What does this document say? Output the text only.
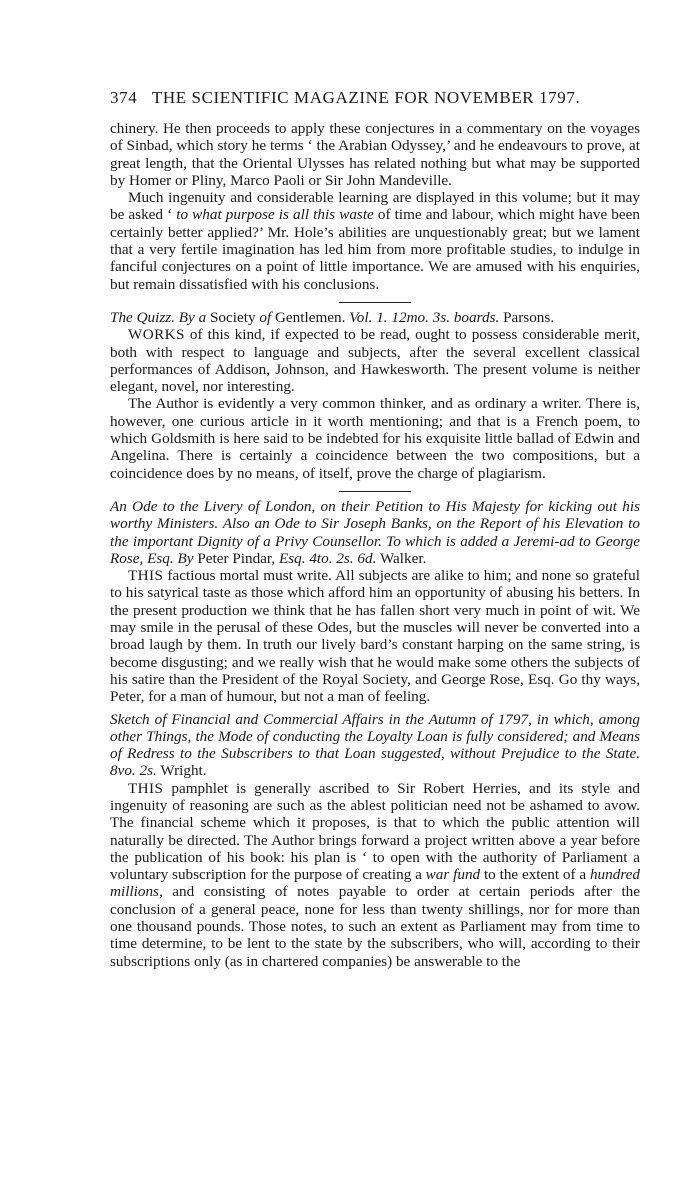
374 THE SCIENTIFIC MAGAZINE FOR NOVEMBER 1797.

chinery. He then proceeds to apply these conjectures in a commentary on the voyages of Sinbad, which story he terms ‘ the Arabian Odyssey,’ and he endeavours to prove, at great length, that the Oriental Ulysses has related nothing but what may be supported by Homer or Pliny, Marco Paoli or Sir John Mandeville.

Much ingenuity and considerable learning are displayed in this volume; but it may be asked ‘ to what purpose is all this waste of time and labour, which might have been certainly better applied?’ Mr. Hole’s abilities are unquestionably great; but we lament that a very fertile imagination has led him from more profitable studies, to indulge in fanciful conjectures on a point of little importance. We are amused with his enquiries, but remain dissatisfied with his conclusions.

The Quizz. By a Society of Gentlemen. Vol. 1. 12mo. 3s. boards. Parsons.

WORKS of this kind, if expected to be read, ought to possess considerable merit, both with respect to language and subjects, after the several excellent classical performances of Addison, Johnson, and Hawkesworth. The present volume is neither elegant, novel, nor interesting.

The Author is evidently a very common thinker, and as ordinary a writer. There is, however, one curious article in it worth mentioning; and that is a French poem, to which Goldsmith is here said to be indebted for his exquisite little ballad of Edwin and Angelina. There is certainly a coincidence between the two compositions, but a coincidence does by no means, of itself, prove the charge of plagiarism.

An Ode to the Livery of London, on their Petition to His Majesty for kicking out his worthy Ministers. Also an Ode to Sir Joseph Banks, on the Report of his Elevation to the important Dignity of a Privy Counsellor. To which is added a Jeremi-ad to George Rose, Esq. By Peter Pindar, Esq. 4to. 2s. 6d. Walker.

THIS factious mortal must write. All subjects are alike to him; and none so grateful to his satyrical taste as those which afford him an opportunity of abusing his betters. In the present production we think that he has fallen short very much in point of wit. We may smile in the perusal of these Odes, but the muscles will never be converted into a broad laugh by them. In truth our lively bard’s constant harping on the same string, is become disgusting; and we really wish that he would make some others the subjects of his satire than the President of the Royal Society, and George Rose, Esq. Go thy ways, Peter, for a man of humour, but not a man of feeling.

Sketch of Financial and Commercial Affairs in the Autumn of 1797, in which, among other Things, the Mode of conducting the Loyalty Loan is fully considered; and Means of Redress to the Subscribers to that Loan suggested, without Prejudice to the State. 8vo. 2s. Wright.

THIS pamphlet is generally ascribed to Sir Robert Herries, and its style and ingenuity of reasoning are such as the ablest politician need not be ashamed to avow. The financial scheme which it proposes, is that to which the public attention will naturally be directed. The Author brings forward a project written above a year before the publication of his book: his plan is ‘ to open with the authority of Parliament a voluntary subscription for the purpose of creating a war fund to the extent of a hundred millions, and consisting of notes payable to order at certain periods after the conclusion of a general peace, none for less than twenty shillings, nor for more than one thousand pounds. Those notes, to such an extent as Parliament may from time to time determine, to be lent to the state by the subscribers, who will, according to their subscriptions only (as in chartered companies) be answerable to the
